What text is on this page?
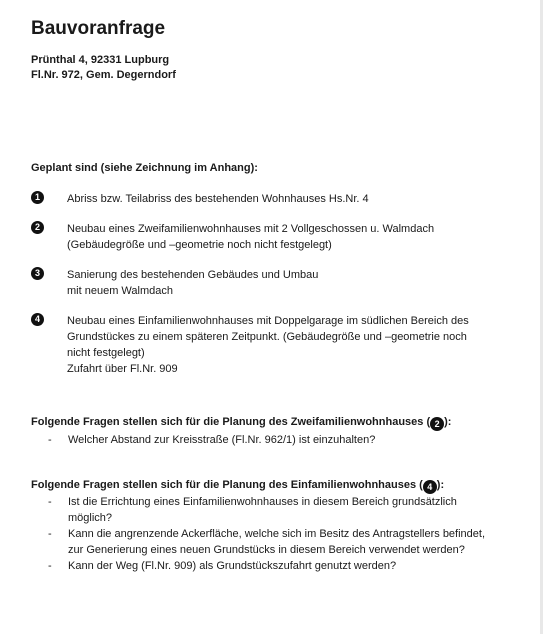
Bauvoranfrage
Prünthal 4, 92331 Lupburg
Fl.Nr. 972, Gem. Degerndorf
Geplant sind (siehe Zeichnung im Anhang):
1	Abriss bzw. Teilabriss des bestehenden Wohnhauses Hs.Nr. 4
2	Neubau eines Zweifamilienwohnhauses mit 2 Vollgeschossen u. Walmdach
(Gebäudegröße und –geometrie noch nicht festgelegt)
3	Sanierung des bestehenden Gebäudes und Umbau
mit neuem Walmdach
4	Neubau eines Einfamilienwohnhauses mit Doppelgarage im südlichen Bereich des
Grundstückes zu einem späteren Zeitpunkt. (Gebäudegröße und –geometrie noch
nicht festgelegt)
Zufahrt über Fl.Nr. 909
Folgende Fragen stellen sich für die Planung des Zweifamilienwohnhauses ( 2 ):
- Welcher Abstand zur Kreisstraße (Fl.Nr. 962/1) ist einzuhalten?
Folgende Fragen stellen sich für die Planung des Einfamilienwohnhauses ( 4 ):
- Ist die Errichtung eines Einfamilienwohnhauses in diesem Bereich grundsätzlich
möglich?
- Kann die angrenzende Ackerfläche, welche sich im Besitz des Antragstellers befindet,
zur Generierung eines neuen Grundstücks in diesem Bereich verwendet werden?
- Kann der Weg (Fl.Nr. 909) als Grundstückszufahrt genutzt werden?
